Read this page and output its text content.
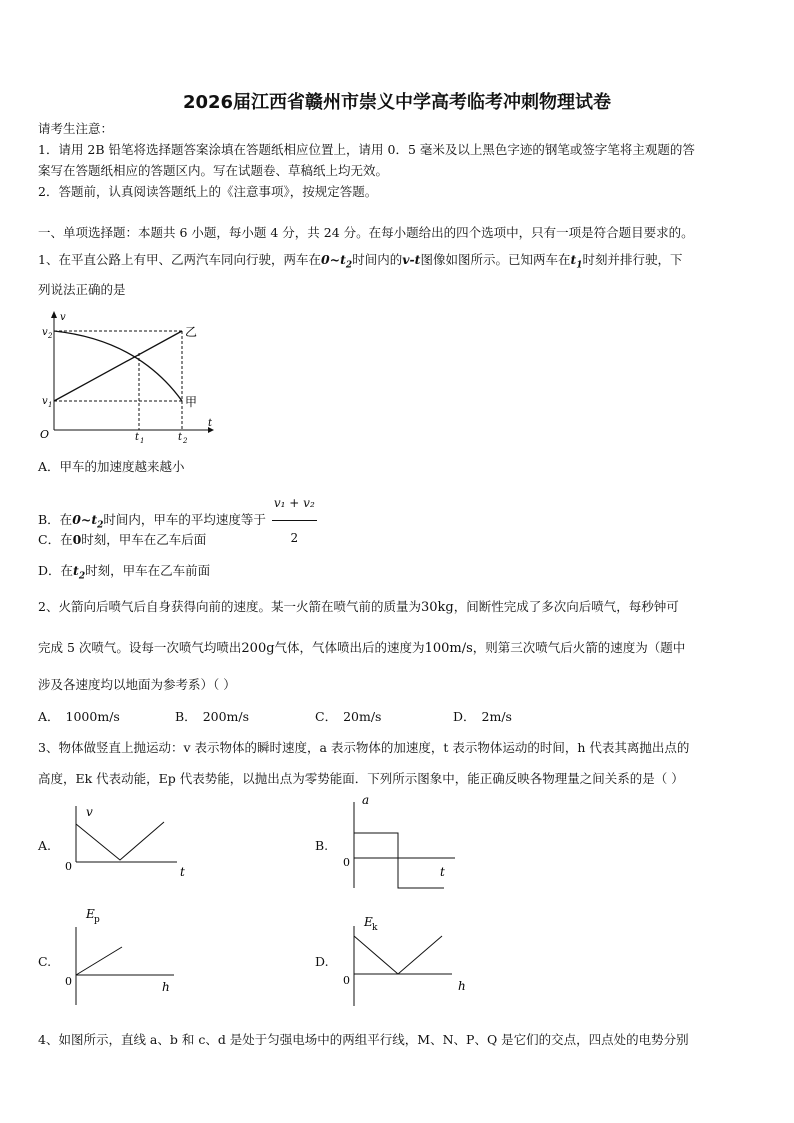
2026届江西省赣州市崇义中学高考临考冲刺物理试卷
请考生注意：
1．请用 2B 铅笔将选择题答案涂填在答题纸相应位置上，请用 0．5 毫米及以上黑色字迹的钢笔或签字笔将主观题的答
案写在答题纸相应的答题区内。写在试题卷、草稿纸上均无效。
2．答题前，认真阅读答题纸上的《注意事项》，按规定答题。
一、单项选择题：本题共 6 小题，每小题 4 分，共 24 分。在每小题给出的四个选项中，只有一项是符合题目要求的。
1、在平直公路上有甲、乙两汽车同向行驶，两车在$0\sim t_2$时间内的v-t图像如图所示。已知两车在$t_1$时刻并排行驶，下
列说法正确的是
v
t
O
v 2
v 1
t 1	t 2
乙
甲
A．甲车的加速度越来越小
B．在$0\sim t_2$时间内，甲车的平均速度等于 $\frac{\text{v₁ + v₂}}{2}$
C．在0时刻，甲车在乙车后面
D．在$t_2$时刻，甲车在乙车前面
2、火箭向后喷气后自身获得向前的速度。某一火箭在喷气前的质量为30kg，间断性完成了多次向后喷气，每秒钟可
完成 5 次喷气。设每一次喷气均喷出200g气体，气体喷出后的速度为100m/s，则第三次喷气后火箭的速度为（题中
涉及各速度均以地面为参考系）（ ）
A． 1000m/s	B． 200m/s	C． 20m/s	D． 2m/s
3、物体做竖直上抛运动：v 表示物体的瞬时速度，a 表示物体的加速度，t 表示物体运动的时间，h 代表其离抛出点的
高度，Ek 代表动能，Ep 代表势能，以抛出点为零势能面．下列所示图象中，能正确反映各物理量之间关系的是（ ）
A.
v
t
0
B.
a
t
0
C.
E p
h
0
D.
E k
h
0
4、如图所示，直线 a、b 和 c、d 是处于匀强电场中的两组平行线，M、N、P、Q 是它们的交点，四点处的电势分别
